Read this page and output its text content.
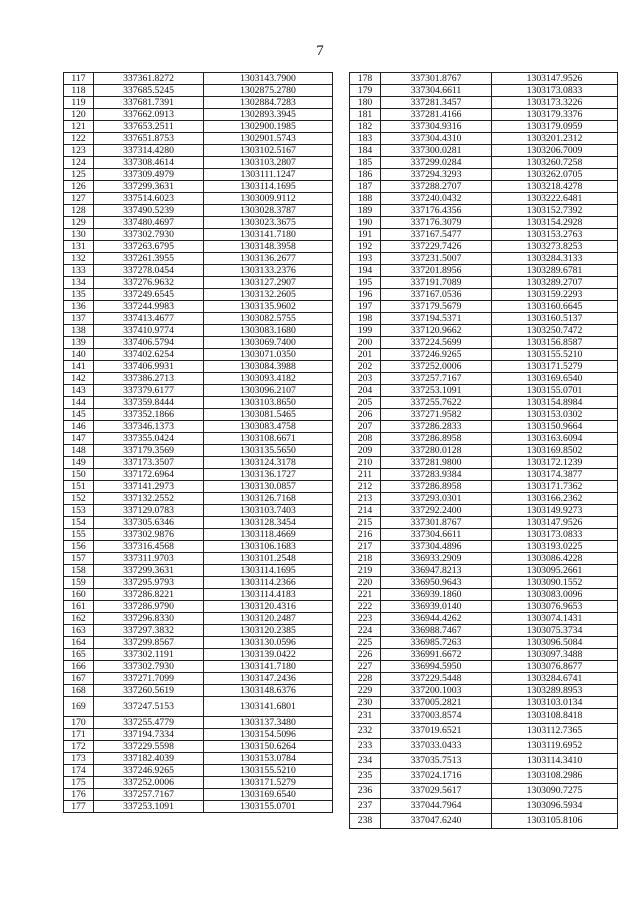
7
117	337361.8272	1303143.7900
118	337685.5245	1302875.2780
119	337681.7391	1302884.7283
120	337662.0913	1302893.3945
121	337653.2511	1302900.1985
122	337651.8753	1302901.5743
123	337314.4280	1303102.5167
124	337308.4614	1303103.2807
125	337309.4979	1303111.1247
126	337299.3631	1303114.1695
127	337514.6023	1303009.9112
128	337490.5239	1303028.3787
129	337480.4697	1303023.3675
130	337302.7930	1303141.7180
131	337263.6795	1303148.3958
132	337261.3955	1303136.2677
133	337278.0454	1303133.2376
134	337276.9632	1303127.2907
135	337249.6545	1303132.2605
136	337244.9983	1303135.9602
137	337413.4677	1303082.5755
138	337410.9774	1303083.1680
139	337406.5794	1303069.7400
140	337402.6254	1303071.0350
141	337406.9931	1303084.3988
142	337386.2713	1303093.4182
143	337379.6177	1303096.2107
144	337359.8444	1303103.8650
145	337352.1866	1303081.5465
146	337346.1373	1303083.4758
147	337355.0424	1303108.6671
148	337179.3569	1303135.5650
149	337173.3507	1303124.3178
150	337172.6964	1303136.1727
151	337141.2973	1303130.0857
152	337132.2552	1303126.7168
153	337129.0783	1303103.7403
154	337305.6346	1303128.3454
155	337302.9876	1303118.4669
156	337316.4568	1303106.1683
157	337311.9703	1303101.2548
158	337299.3631	1303114.1695
159	337295.9793	1303114.2366
160	337286.8221	1303114.4183
161	337286.9790	1303120.4316
162	337296.8330	1303120.2487
163	337297.3832	1303120.2385
164	337299.8567	1303130.0596
165	337302.1191	1303139.0422
166	337302.7930	1303141.7180
167	337271.7099	1303147.2436
168	337260.5619	1303148.6376
169	337247.5153	1303141.6801
170	337255.4779	1303137.3480
171	337194.7334	1303154.5096
172	337229.5598	1303150.6264
173	337182.4039	1303153.0784
174	337246.9265	1303155.5210
175	337252.0006	1303171.5279
176	337257.7167	1303169.6540
177	337253.1091	1303155.0701
178	337301.8767	1303147.9526
179	337304.6611	1303173.0833
180	337281.3457	1303173.3226
181	337281.4166	1303179.3376
182	337304.9316	1303179.0959
183	337304.4310	1303201.2312
184	337300.0281	1303206.7009
185	337299.0284	1303260.7258
186	337294.3293	1303262.0705
187	337288.2707	1303218.4278
188	337240.0432	1303222.6481
189	337176.4356	1303152.7392
190	337176.3079	1303154.2928
191	337167.5477	1303153.2763
192	337229.7426	1303273.8253
193	337231.5007	1303284.3133
194	337201.8956	1303289.6781
195	337191.7089	1303289.2707
196	337167.0536	1303159.2293
197	337179.5679	1303160.6645
198	337194.5371	1303160.5137
199	337120.9662	1303250.7472
200	337224.5699	1303156.8587
201	337246.9265	1303155.5210
202	337252.0006	1303171.5279
203	337257.7167	1303169.6540
204	337253.1091	1303155.0701
205	337255.7622	1303154.8984
206	337271.9582	1303153.0302
207	337286.2833	1303150.9664
208	337286.8958	1303163.6094
209	337280.0128	1303169.8502
210	337281.9800	1303172.1239
211	337283.9384	1303174.3877
212	337286.8958	1303171.7362
213	337293.0301	1303166.2362
214	337292.2400	1303149.9273
215	337301.8767	1303147.9526
216	337304.6611	1303173.0833
217	337304.4896	1303193.0225
218	336933.2909	1303086.4228
219	336947.8213	1303095.2661
220	336950.9643	1303090.1552
221	336939.1860	1303083.0096
222	336939.0140	1303076.9653
223	336944.4262	1303074.1431
224	336988.7467	1303075.3734
225	336985.7263	1303096.5084
226	336991.6672	1303097.3488
227	336994.5950	1303076.8677
228	337229.5448	1303284.6741
229	337200.1003	1303289.8953
230	337005.2821	1303103.0134
231	337003.8574	1303108.8418
232	337019.6521	1303112.7365
233	337033.0433	1303119.6952
234	337035.7513	1303114.3410
235	337024.1716	1303108.2986
236	337029.5617	1303090.7275
237	337044.7964	1303096.5934
238	337047.6240	1303105.8106
